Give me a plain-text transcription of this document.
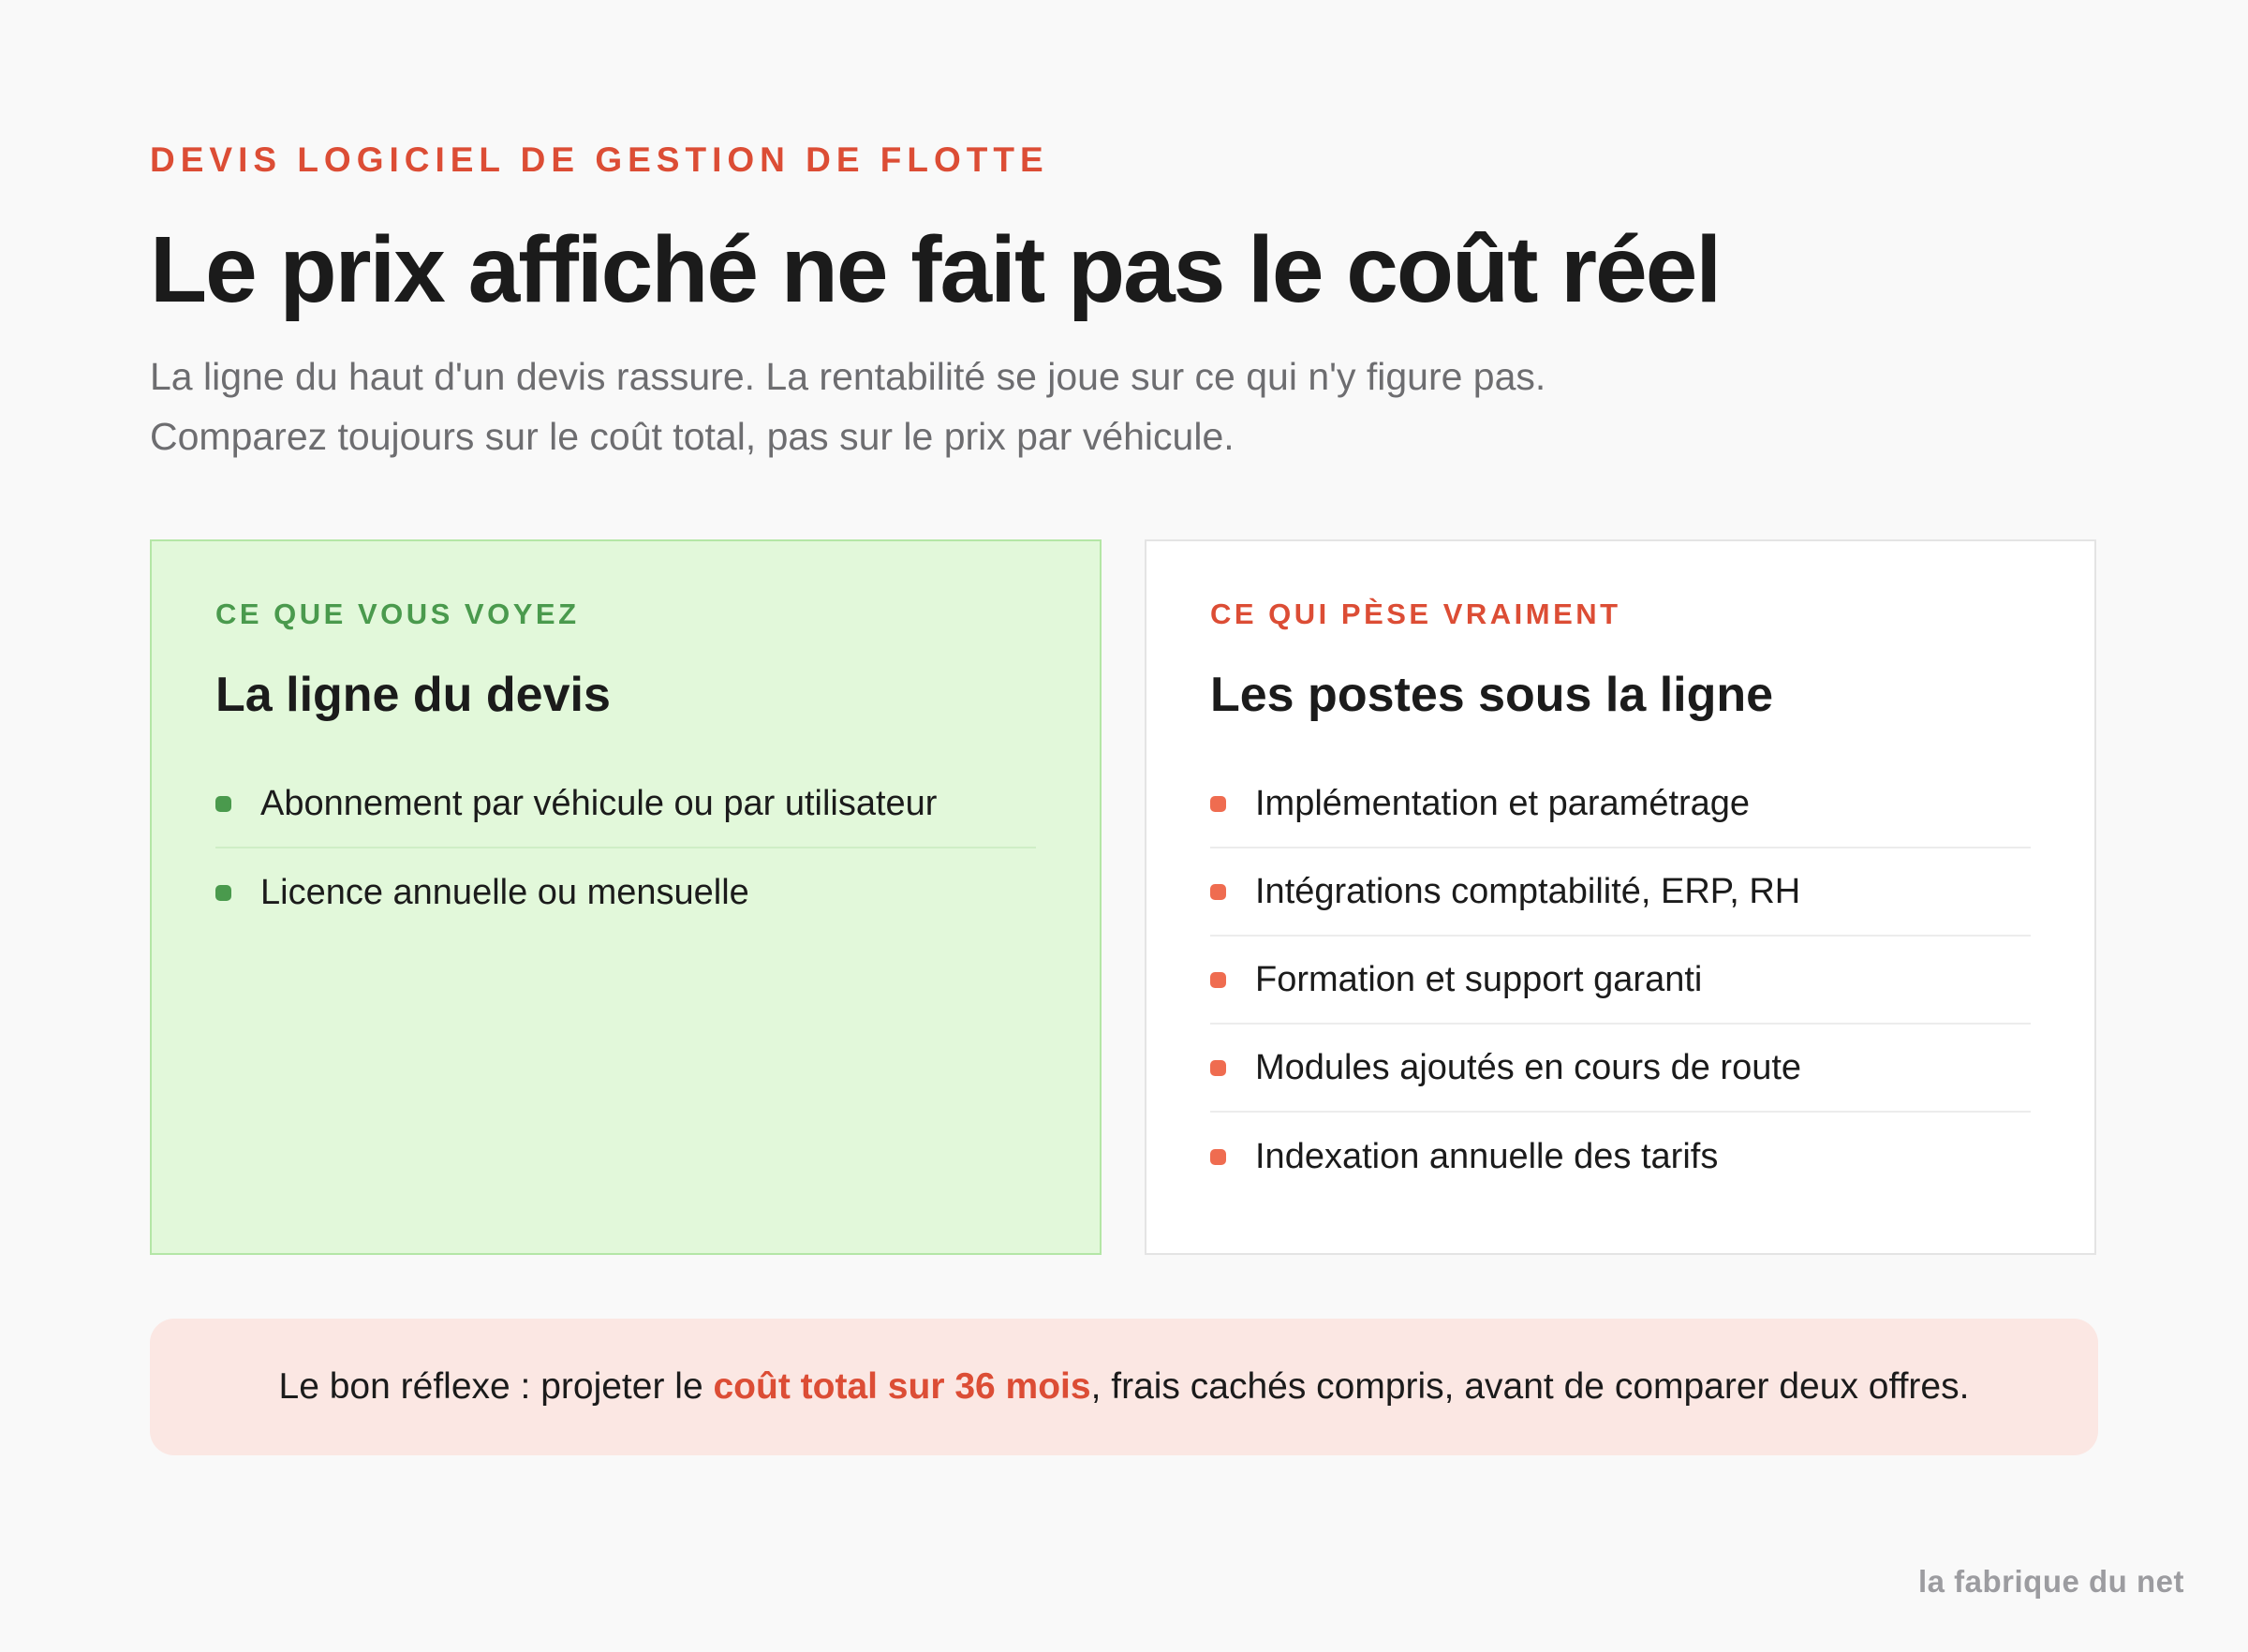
DEVIS LOGICIEL DE GESTION DE FLOTTE
Le prix affiché ne fait pas le coût réel
La ligne du haut d'un devis rassure. La rentabilité se joue sur ce qui n'y figure pas.
Comparez toujours sur le coût total, pas sur le prix par véhicule.
CE QUE VOUS VOYEZ
La ligne du devis
Abonnement par véhicule ou par utilisateur
Licence annuelle ou mensuelle
CE QUI PÈSE VRAIMENT
Les postes sous la ligne
Implémentation et paramétrage
Intégrations comptabilité, ERP, RH
Formation et support garanti
Modules ajoutés en cours de route
Indexation annuelle des tarifs
Le bon réflexe : projeter le coût total sur 36 mois, frais cachés compris, avant de comparer deux offres.
la fabrique du net
